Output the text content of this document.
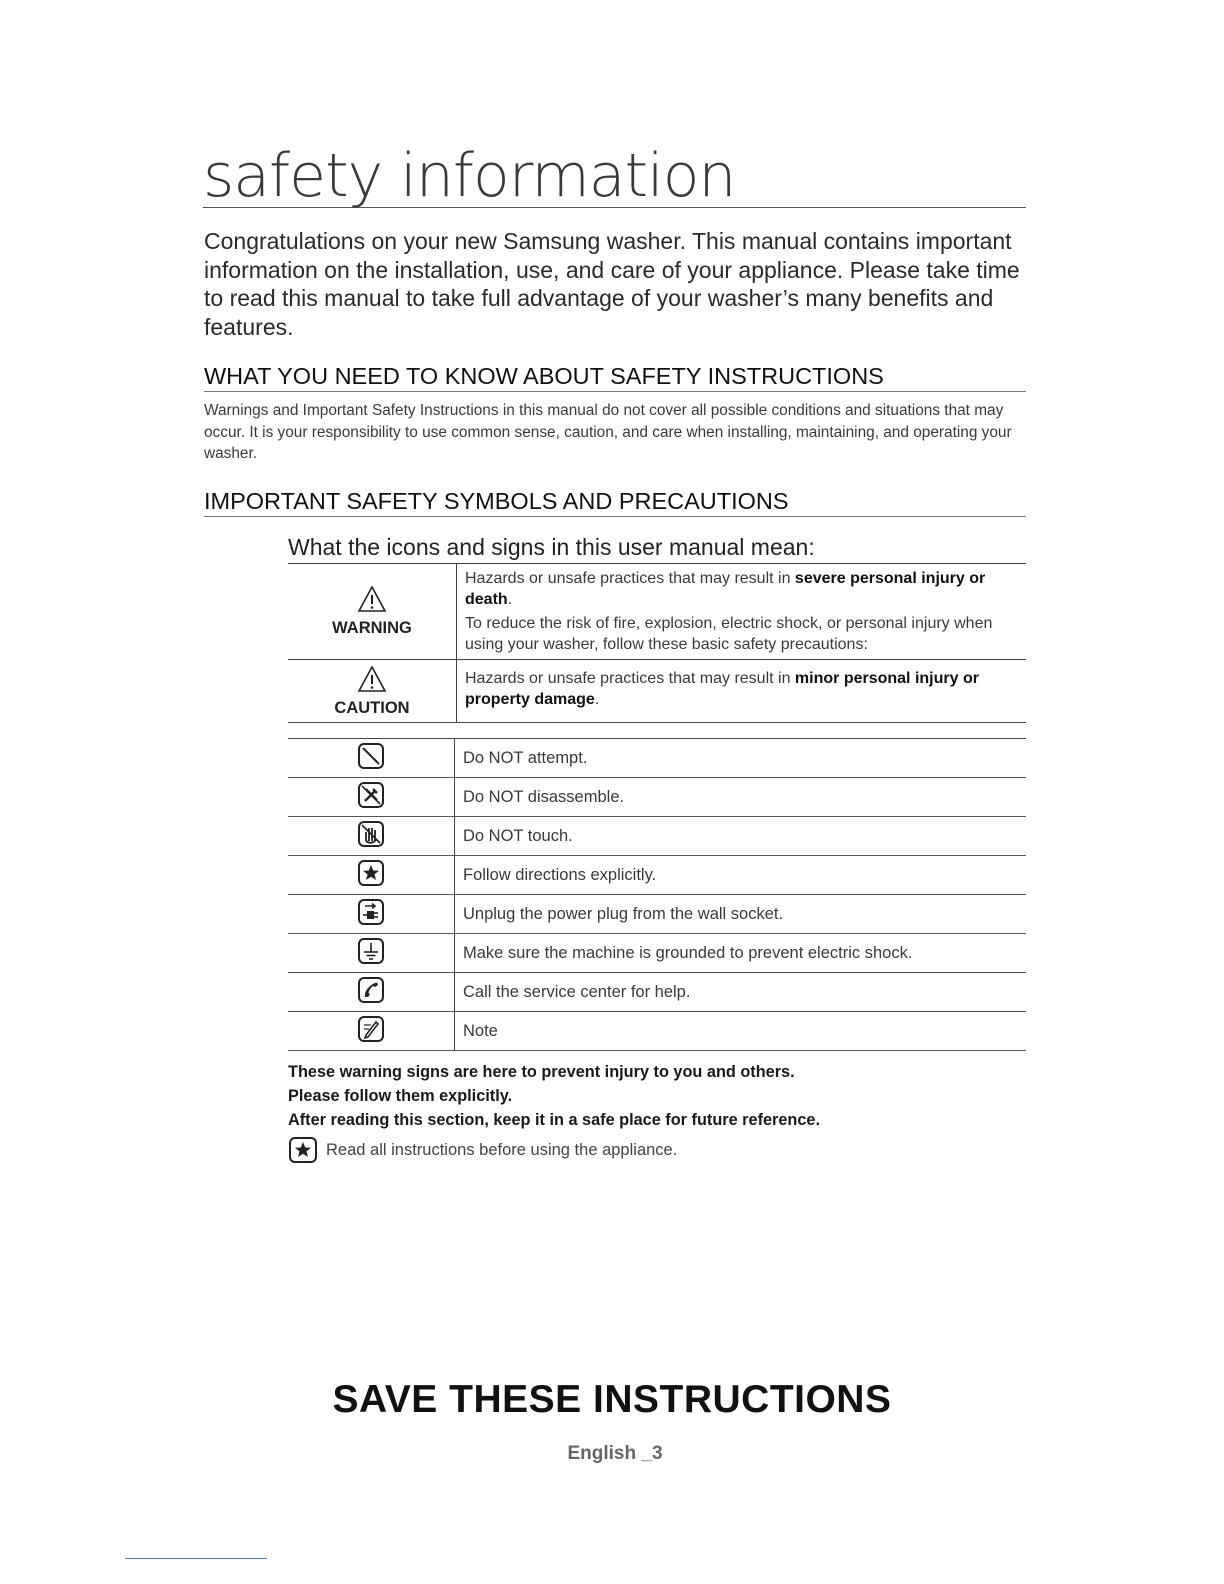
safety information
Congratulations on your new Samsung washer. This manual contains important information on the installation, use, and care of your appliance. Please take time to read this manual to take full advantage of your washer’s many benefits and features.
WHAT YOU NEED TO KNOW ABOUT SAFETY INSTRUCTIONS
Warnings and Important Safety Instructions in this manual do not cover all possible conditions and situations that may occur. It is your responsibility to use common sense, caution, and care when installing, maintaining, and operating your washer.
IMPORTANT SAFETY SYMBOLS AND PRECAUTIONS
What the icons and signs in this user manual mean:
WARNING	Hazards or unsafe practices that may result in severe personal injury or death.
To reduce the risk of fire, explosion, electric shock, or personal injury when using your washer, follow these basic safety precautions:

CAUTION	Hazards or unsafe practices that may result in minor personal injury or property damage.
	Do NOT attempt.
	Do NOT disassemble.
	Do NOT touch.
	Follow directions explicitly.
	Unplug the power plug from the wall socket.
	Make sure the machine is grounded to prevent electric shock.
	Call the service center for help.
	Note
These warning signs are here to prevent injury to you and others.
Please follow them explicitly.
After reading this section, keep it in a safe place for future reference.
Read all instructions before using the appliance.
SAVE THESE INSTRUCTIONS
English _3
